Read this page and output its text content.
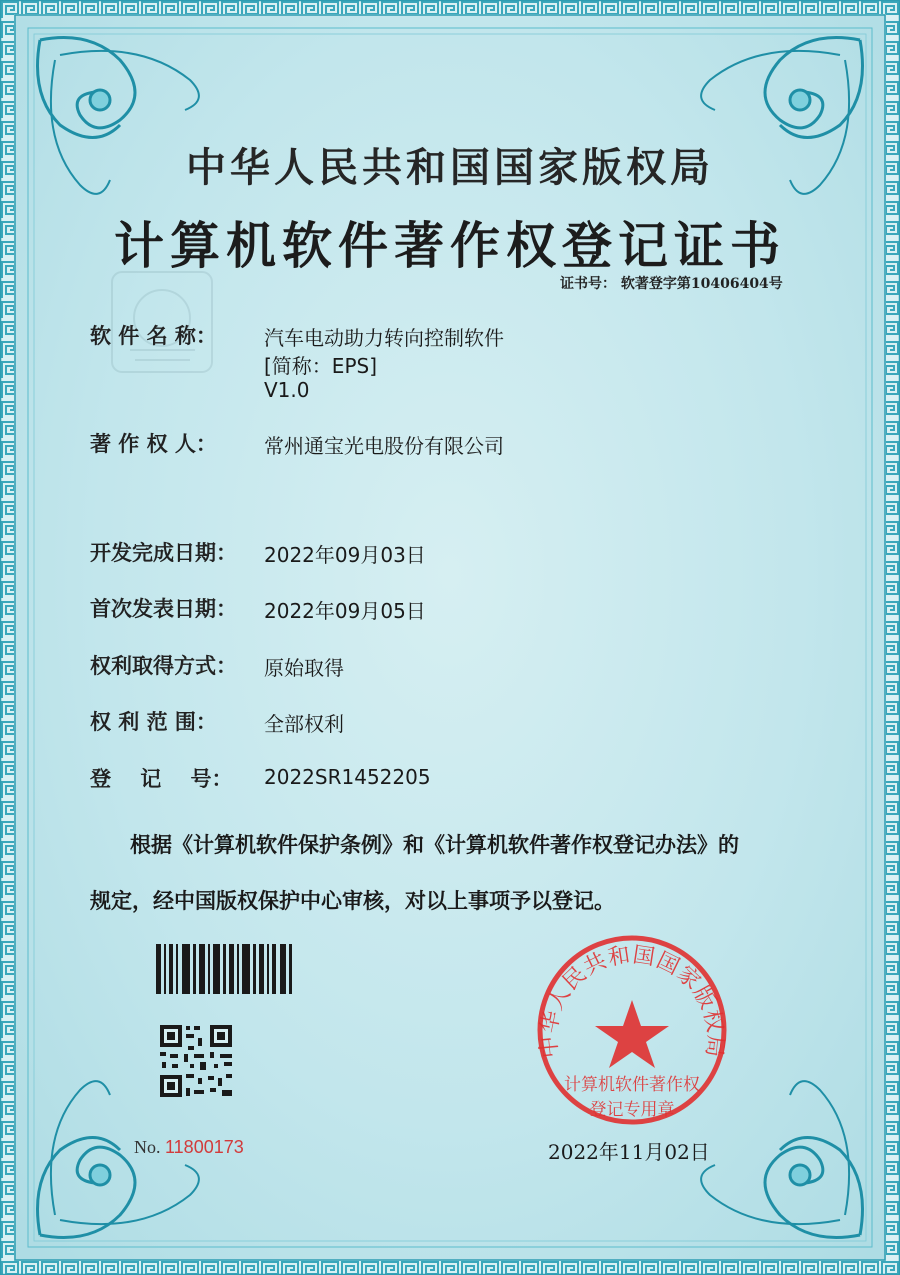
中华人民共和国国家版权局
计算机软件著作权
登记专用章
中华人民共和国国家版权局
计算机软件著作权登记证书
证书号： 软著登字第10406404号
软 件 名 称： 汽车电动助力转向控制软件
[简称：EPS]
V1.0
著 作 权 人： 常州通宝光电股份有限公司
开发完成日期： 2022年09月03日
首次发表日期： 2022年09月05日
权利取得方式： 原始取得
权 利 范 围： 全部权利
登    记    号： 2022SR1452205
根据《计算机软件保护条例》和《计算机软件著作权登记办法》的
规定，经中国版权保护中心审核，对以上事项予以登记。
No. 11800173	2022年11月02日
